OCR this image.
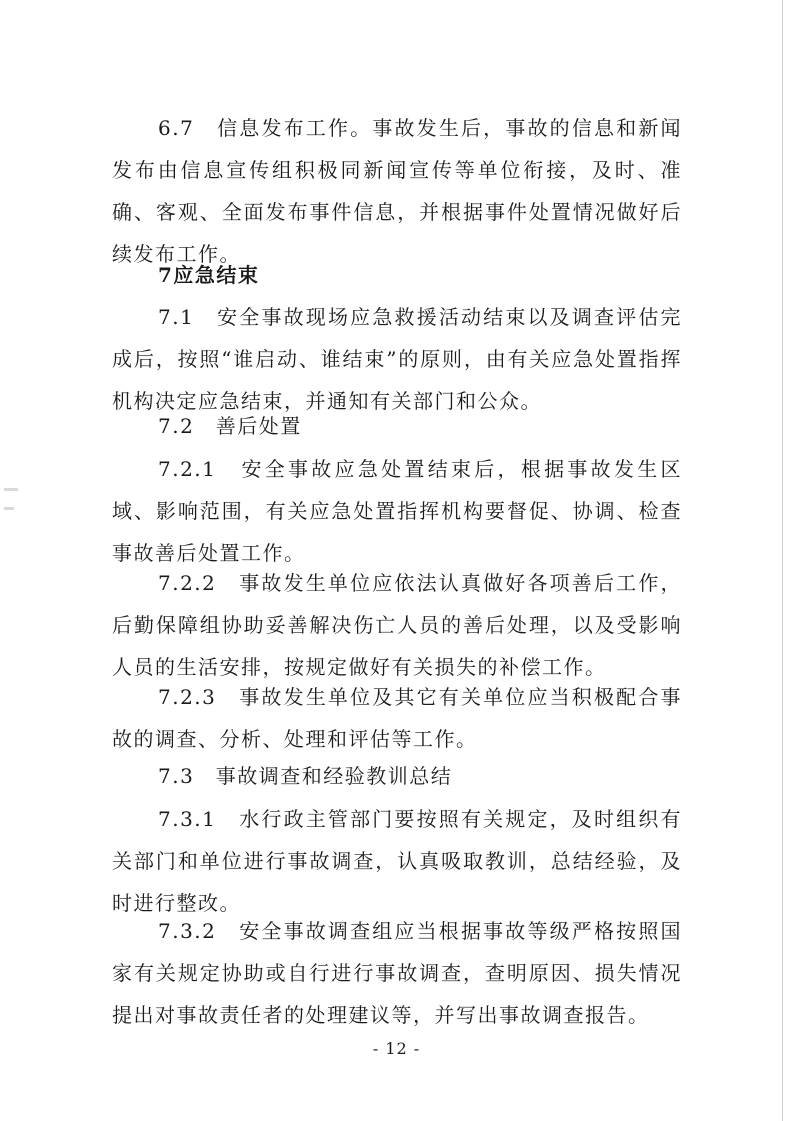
6.7　信息发布工作。事故发生后，事故的信息和新闻发布由信息宣传组积极同新闻宣传等单位衔接，及时、准确、客观、全面发布事件信息，并根据事件处置情况做好后续发布工作。

7应急结束

7.1　安全事故现场应急救援活动结束以及调查评估完成后，按照“谁启动、谁结束”的原则，由有关应急处置指挥机构决定应急结束，并通知有关部门和公众。

7.2　善后处置

7.2.1　安全事故应急处置结束后，根据事故发生区域、影响范围，有关应急处置指挥机构要督促、协调、检查事故善后处置工作。

7.2.2　事故发生单位应依法认真做好各项善后工作，后勤保障组协助妥善解决伤亡人员的善后处理，以及受影响人员的生活安排，按规定做好有关损失的补偿工作。

7.2.3　事故发生单位及其它有关单位应当积极配合事故的调查、分析、处理和评估等工作。

7.3　事故调查和经验教训总结

7.3.1　水行政主管部门要按照有关规定，及时组织有关部门和单位进行事故调查，认真吸取教训，总结经验，及时进行整改。

7.3.2　安全事故调查组应当根据事故等级严格按照国家有关规定协助或自行进行事故调查，查明原因、损失情况提出对事故责任者的处理建议等，并写出事故调查报告。

- 12 -
